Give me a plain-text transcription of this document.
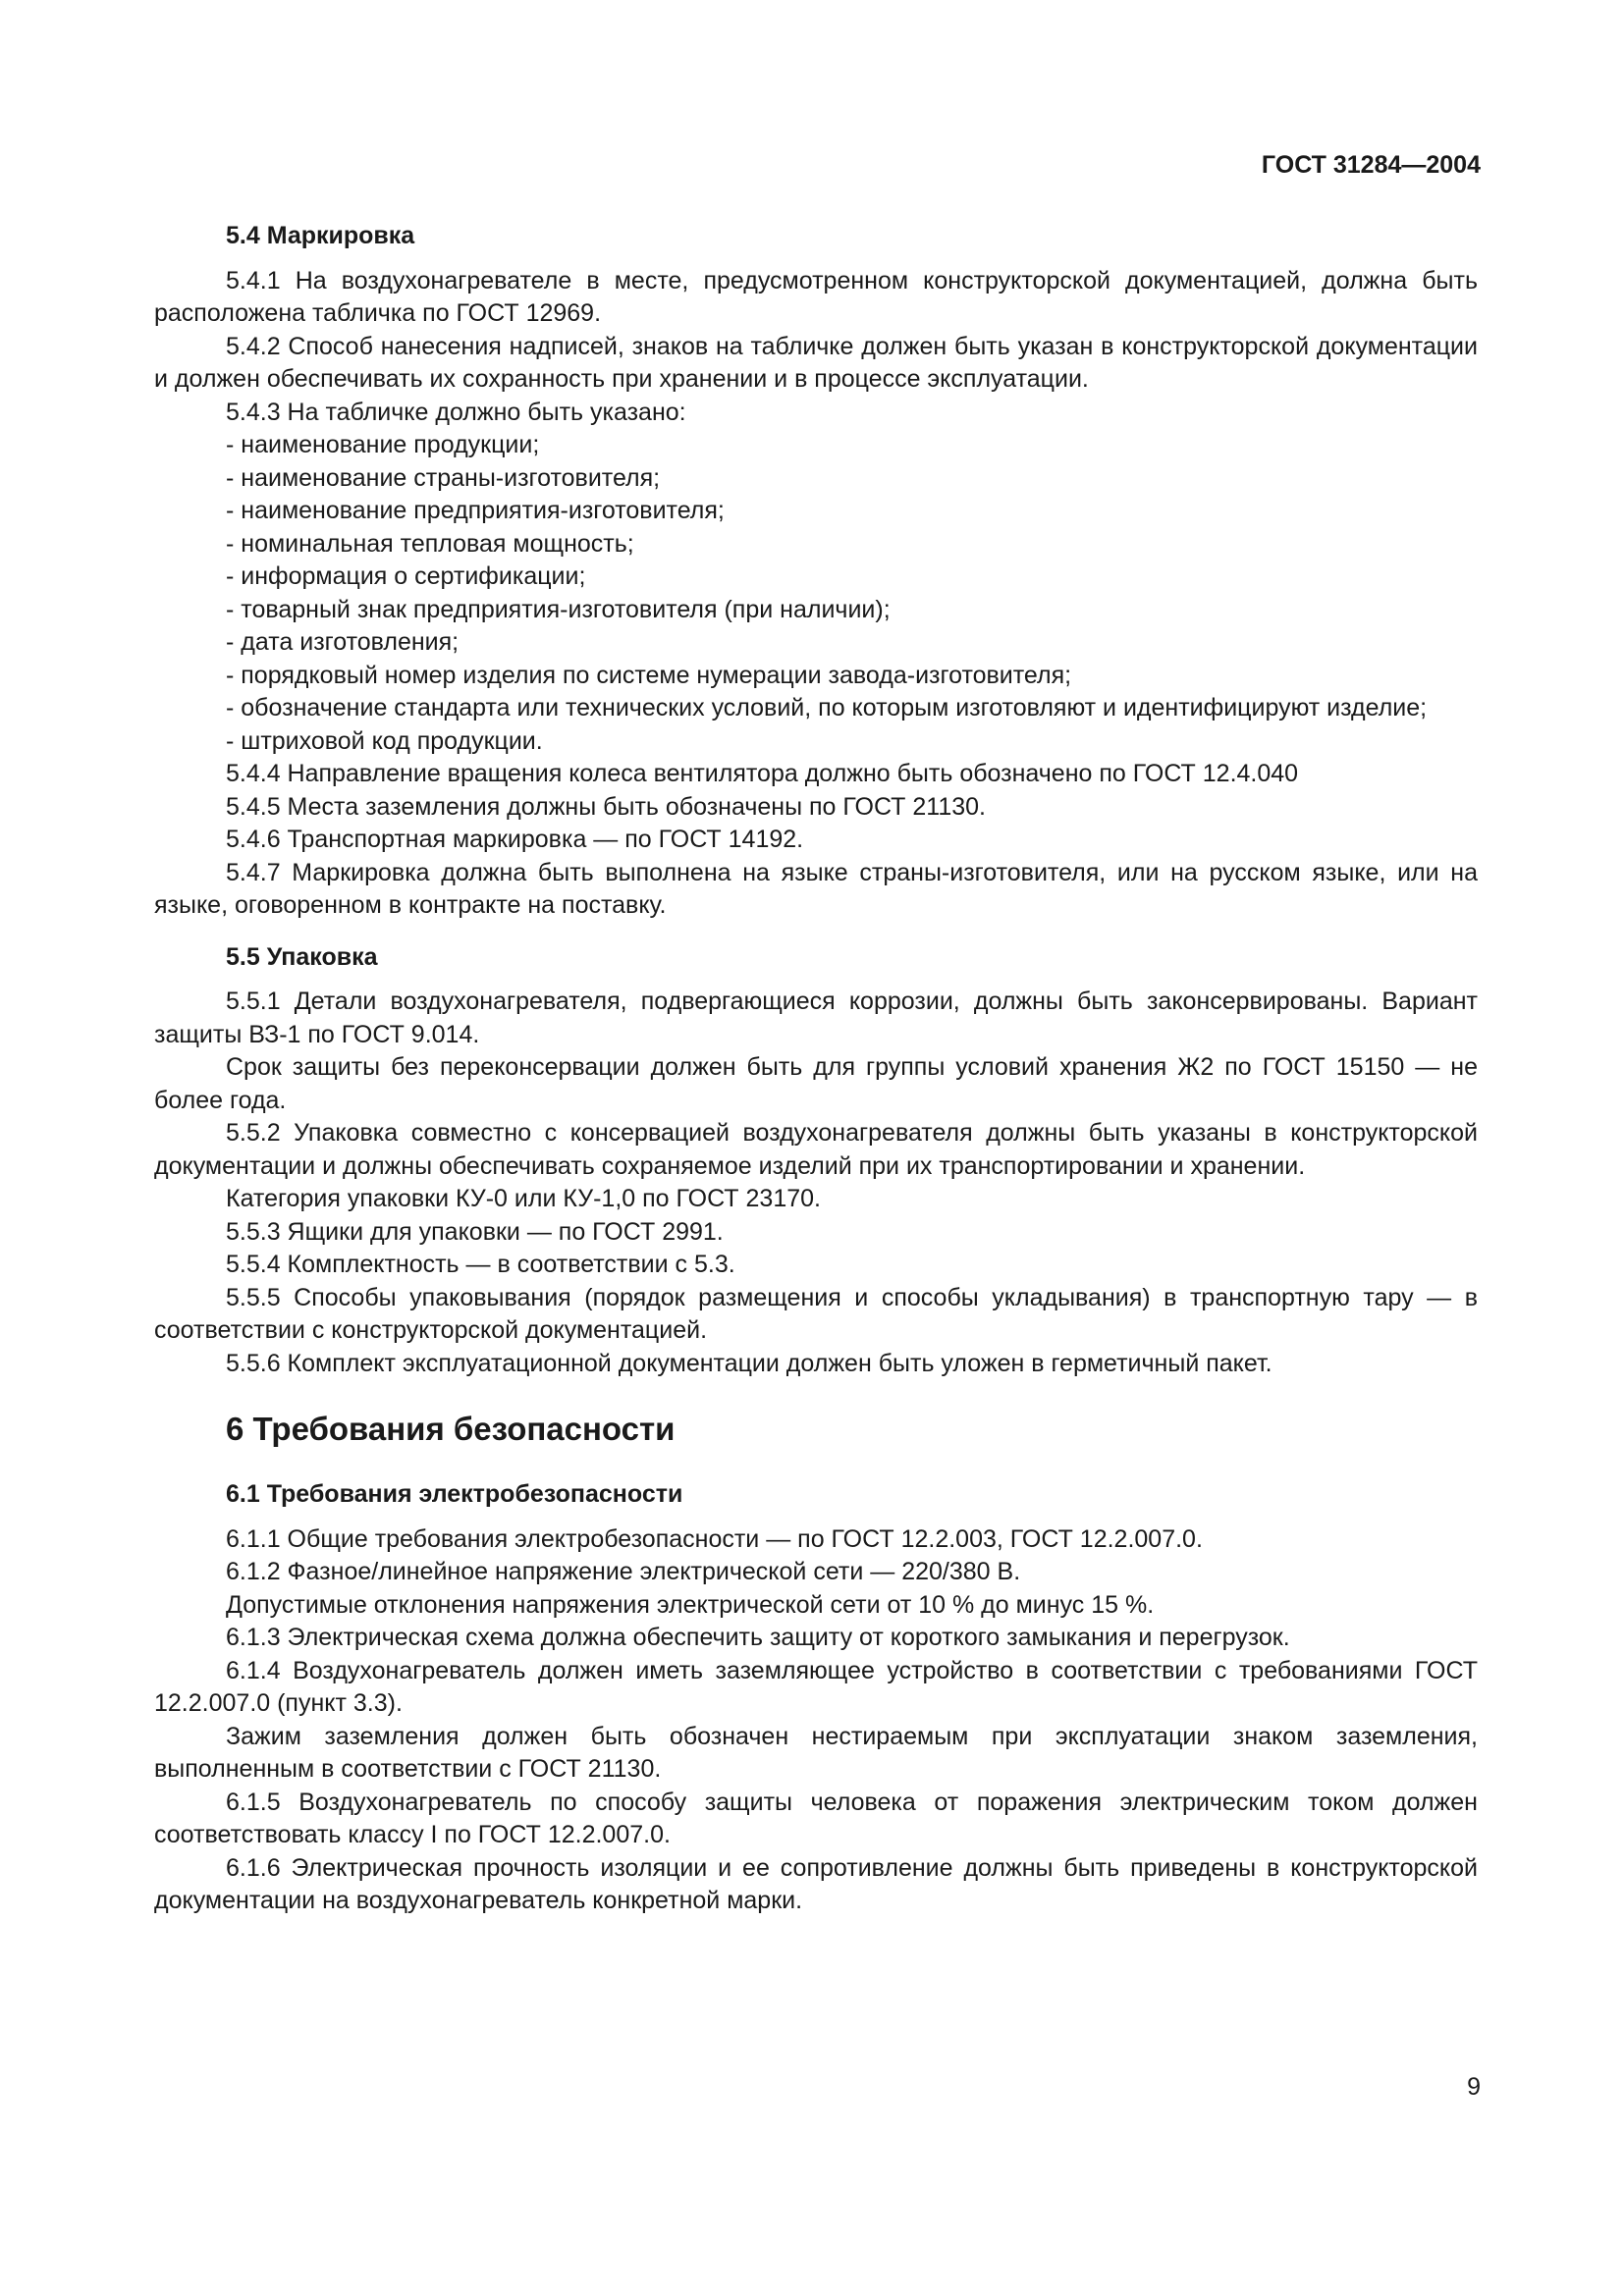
ГОСТ 31284—2004

5.4 Маркировка

5.4.1 На воздухонагревателе в месте, предусмотренном конструкторской документацией, должна быть расположена табличка по ГОСТ 12969.

5.4.2 Способ нанесения надписей, знаков на табличке должен быть указан в конструкторской документации и должен обеспечивать их сохранность при хранении и в процессе эксплуатации.

5.4.3 На табличке должно быть указано:

- наименование продукции;
- наименование страны-изготовителя;
- наименование предприятия-изготовителя;
- номинальная тепловая мощность;
- информация о сертификации;
- товарный знак предприятия-изготовителя (при наличии);
- дата изготовления;
- порядковый номер изделия по системе нумерации завода-изготовителя;
- обозначение стандарта или технических условий, по которым изготовляют и идентифицируют изделие;
- штриховой код продукции.

5.4.4 Направление вращения колеса вентилятора должно быть обозначено по ГОСТ 12.4.040

5.4.5 Места заземления должны быть обозначены по ГОСТ 21130.

5.4.6 Транспортная маркировка — по ГОСТ 14192.

5.4.7 Маркировка должна быть выполнена на языке страны-изготовителя, или на русском языке, или на языке, оговоренном в контракте на поставку.

5.5 Упаковка

5.5.1 Детали воздухонагревателя, подвергающиеся коррозии, должны быть законсервированы. Вариант защиты ВЗ-1 по ГОСТ 9.014.

Срок защиты без переконсервации должен быть для группы условий хранения Ж2 по ГОСТ 15150 — не более года.

5.5.2 Упаковка совместно с консервацией воздухонагревателя должны быть указаны в конструкторской документации и должны обеспечивать сохраняемое изделий при их транспортировании и хранении.

Категория упаковки КУ-0 или КУ-1,0 по ГОСТ 23170.

5.5.3 Ящики для упаковки — по ГОСТ 2991.

5.5.4 Комплектность — в соответствии с 5.3.

5.5.5 Способы упаковывания (порядок размещения и способы укладывания) в транспортную тару — в соответствии с конструкторской документацией.

5.5.6 Комплект эксплуатационной документации должен быть уложен в герметичный пакет.

6 Требования безопасности
6.1 Требования электробезопасности

6.1.1 Общие требования электробезопасности — по ГОСТ 12.2.003, ГОСТ 12.2.007.0.

6.1.2 Фазное/линейное напряжение электрической сети — 220/380 В.

Допустимые отклонения напряжения электрической сети от 10 % до минус 15 %.

6.1.3 Электрическая схема должна обеспечить защиту от короткого замыкания и перегрузок.

6.1.4 Воздухонагреватель должен иметь заземляющее устройство в соответствии с требованиями ГОСТ 12.2.007.0 (пункт 3.3).

Зажим заземления должен быть обозначен нестираемым при эксплуатации знаком заземления, выполненным в соответствии с ГОСТ 21130.

6.1.5 Воздухонагреватель по способу защиты человека от поражения электрическим током должен соответствовать классу I по ГОСТ 12.2.007.0.

6.1.6 Электрическая прочность изоляции и ее сопротивление должны быть приведены в конструкторской документации на воздухонагреватель конкретной марки.

9
